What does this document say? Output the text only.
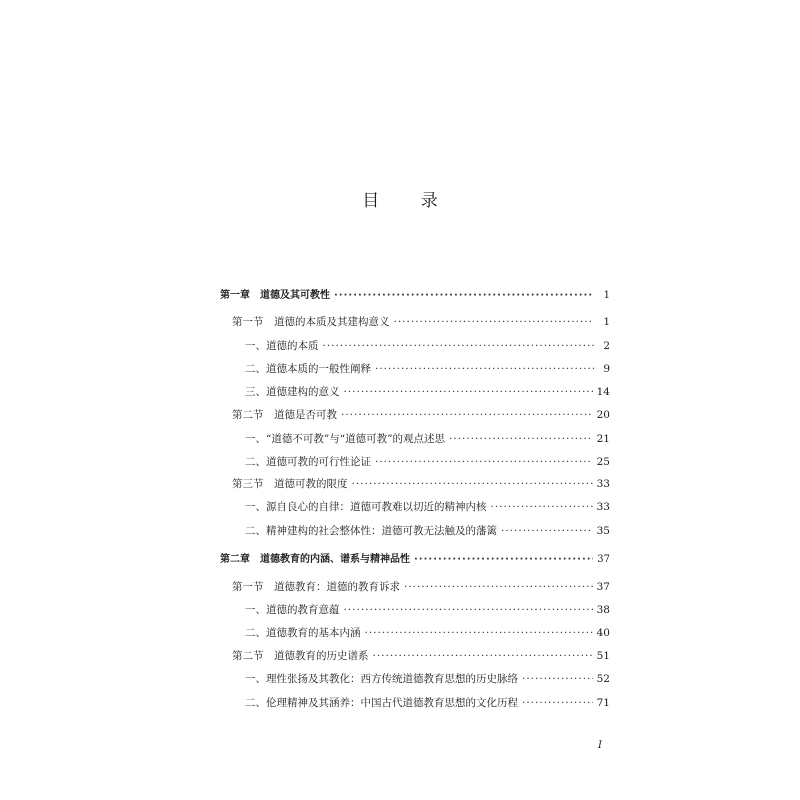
目 录
第一章　道德及其可教性 ·····	1
第一节　道德的本质及其建构意义 ·····	1
一、道德的本质 ·····	2
二、道德本质的一般性阐释 ·····	9
三、道德建构的意义 ·····	14
第二节　道德是否可教 ·····	20
一、“道德不可教”与“道德可教”的观点述思 ·····	21
二、道德可教的可行性论证 ·····	25
第三节　道德可教的限度 ·····	33
一、源自良心的自律：道德可教难以切近的精神内核 ·····	33
二、精神建构的社会整体性：道德可教无法触及的藩篱 ·····	35
第二章　道德教育的内涵、谱系与精神品性 ·····	37
第一节　道德教育：道德的教育诉求 ·····	37
一、道德的教育意蕴 ·····	38
二、道德教育的基本内涵 ·····	40
第二节　道德教育的历史谱系 ·····	51
一、理性张扬及其教化：西方传统道德教育思想的历史脉络 ·····	52
二、伦理精神及其涵养：中国古代道德教育思想的文化历程 ·····	71
I
